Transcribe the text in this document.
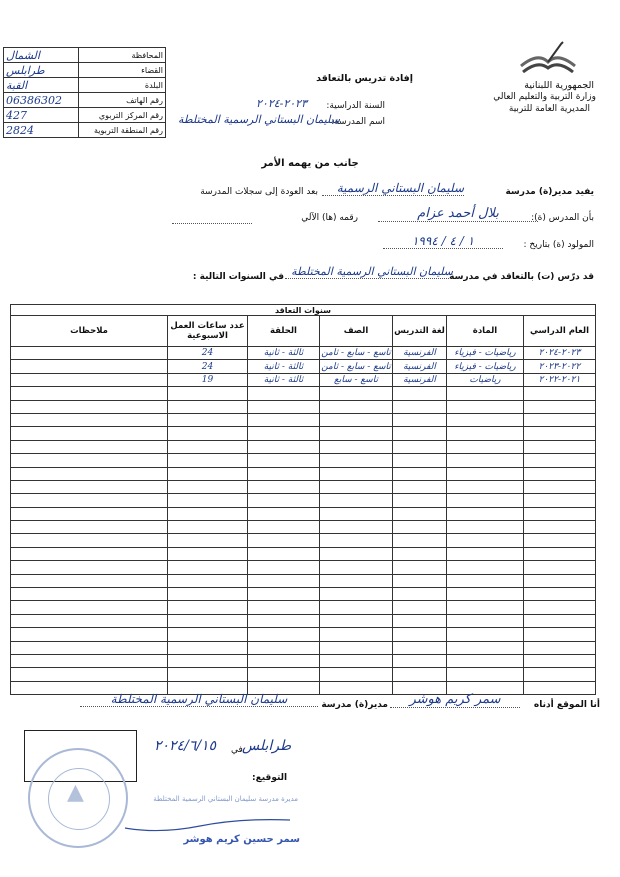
الجمهورية اللبنانية
وزارة التربية والتعليم العالي
المديرية العامة للتربية
إفادة تدريس بالتعاقد
السنة الدراسية:
٢٠٢٣-٢٠٢٤
اسم المدرسة:
سليمان البستاني الرسمية المختلطة
الشمال	المحافظة
طرابلس	القضاء
القبة	البلدة
06386302	رقم الهاتف
427	رقم المركز التربوي
2824	رقم المنطقة التربوية
جانب من يهمه الأمر
يفيد مدير(ة) مدرسة
سليمان البستاني الرسمية
بعد العودة إلى سجلات المدرسة
بأن المدرس (ة):
بلال أحمد عزام
رقمه (ها) الآلي
المولود (ة) بتاريخ :
١ / ٤ / ١٩٩٤
قد درّس (ت) بالتعاقد في مدرسة
سليمان البستاني الرسمية المختلطة
في السنوات التالية :
سنوات التعاقد						
العام الدراسي	المادة	لغة التدريس	الصف	الحلقة	عدد ساعات العمل الاسبوعية	ملاحظات
٢٠٢٣-٢٠٢٤	رياضيات - فيزياء	الفرنسية	تاسع - سابع - ثامن	ثالثة - ثانية	24	
٢٠٢٢-٢٠٢٣	رياضيات - فيزياء	الفرنسية	تاسع - سابع - ثامن	ثالثة - ثانية	24	
٢٠٢١-٢٠٢٢	رياضيات	الفرنسية	تاسع - سابع	ثالثة - ثانية	19	

أنا الموقع أدناه
سمر كريم هوشر
مدير(ة) مدرسة
سليمان البستاني الرسمية المختلطة
▲
٢٠٢٤/٦/١٥ في طرابلس
التوقيع:
مديرة مدرسة سليمان البستاني الرسمية المختلطة
سمر حسين كريم هوشر
